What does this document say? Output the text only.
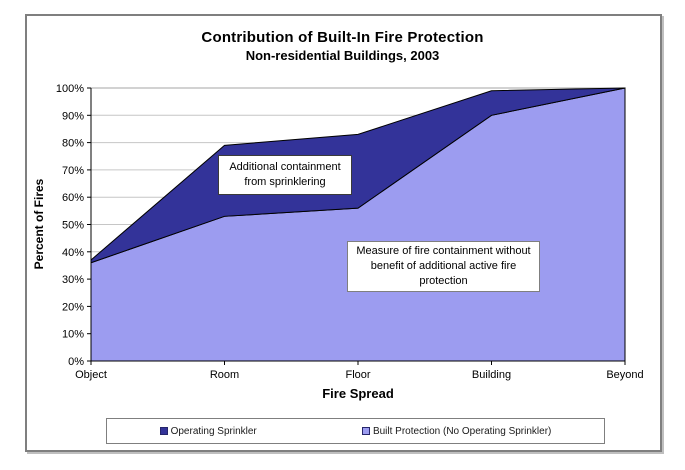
Contribution of Built-In Fire Protection
Non-residential Buildings, 2003
0%
10%
20%
30%
40%
50%
60%
70%
80%
90%
100%
Object	Room	Floor	Building	Beyond
Percent of Fires
Fire Spread
Additional containment from sprinklering
Measure of fire containment without benefit of additional active fire protection
Operating Sprinkler	Built Protection (No Operating Sprinkler)
